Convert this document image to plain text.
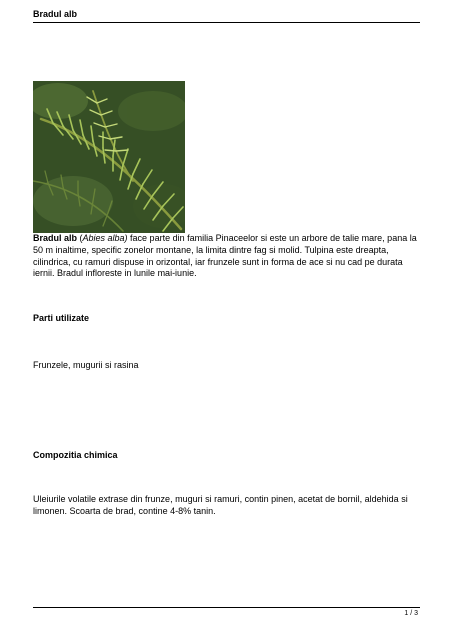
Bradul alb
Bradul alb (Abies alba) face parte din familia Pinaceelor si este un arbore de talie mare, pana la 50 m inaltime, specific zonelor montane, la limita dintre fag si molid. Tulpina este dreapta, cilindrica, cu ramuri dispuse in orizontal, iar frunzele sunt in forma de ace si nu cad pe durata iernii. Bradul infloreste in lunile mai-iunie.
Parti utilizate
Frunzele, mugurii si rasina
Compozitia chimica
Uleiurile volatile extrase din frunze, muguri si ramuri, contin pinen, acetat de bornil, aldehida si limonen. Scoarta de brad, contine 4-8% tanin.
1 / 3
